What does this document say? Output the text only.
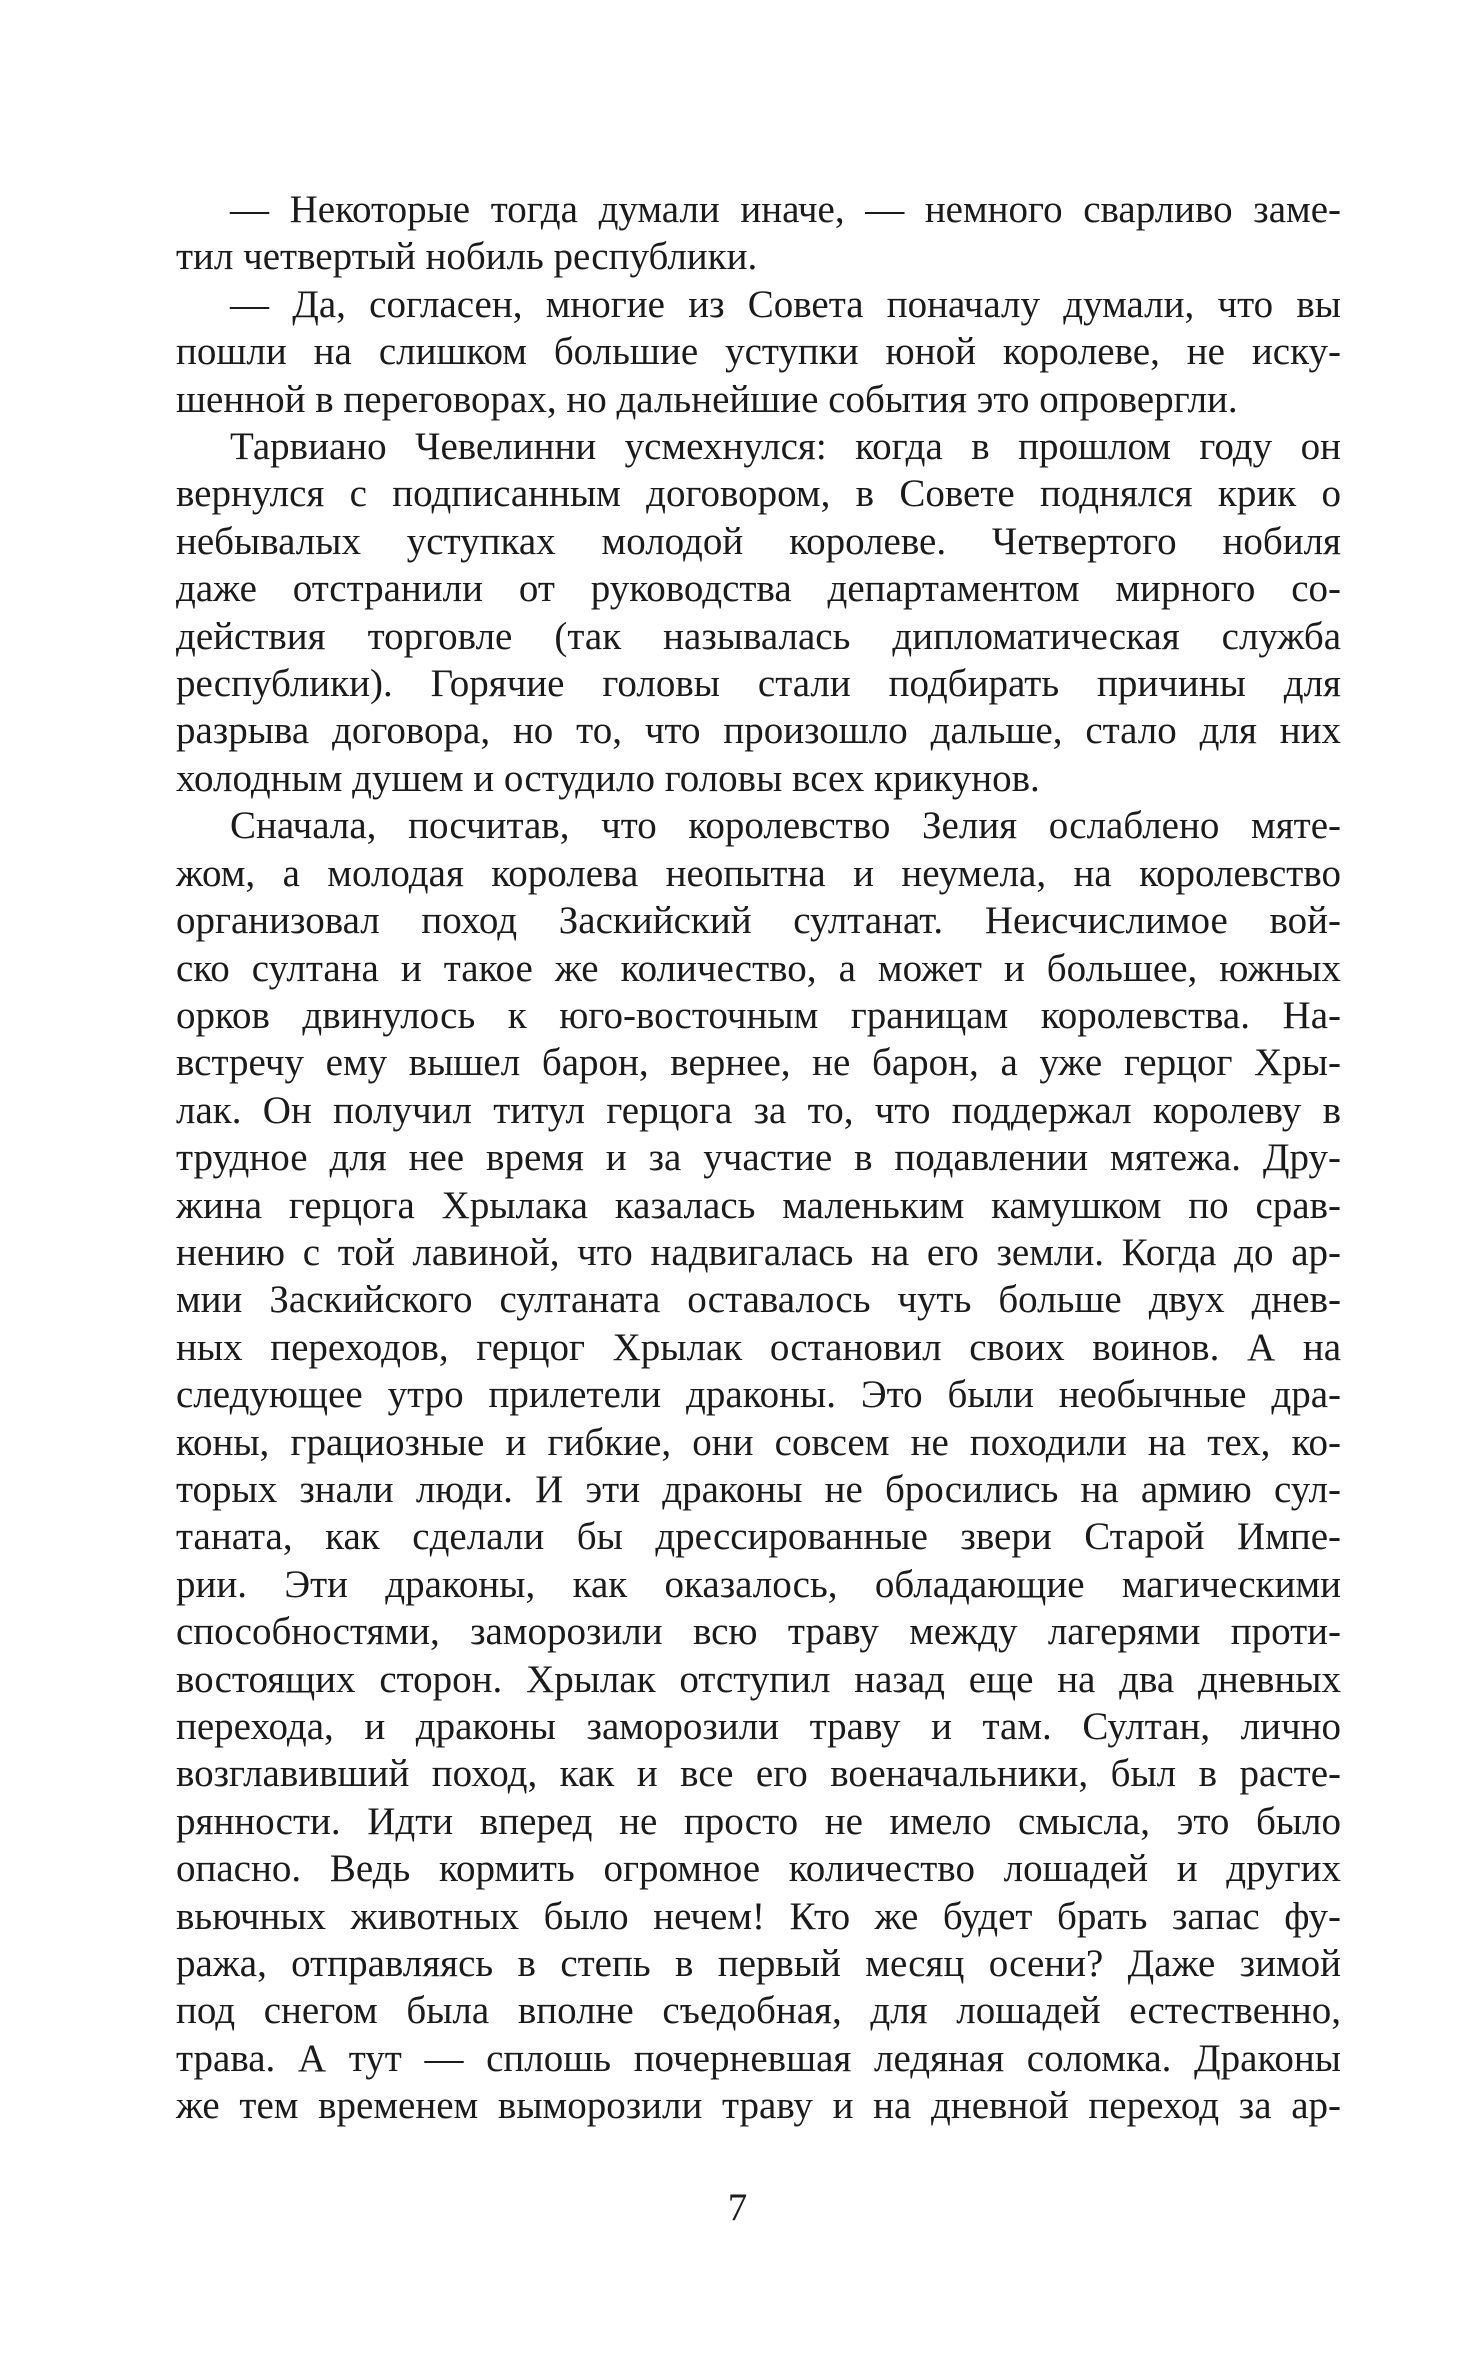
— Некоторые тогда думали иначе, — немного сварливо заме-
тил четвертый нобиль республики.
— Да, согласен, многие из Совета поначалу думали, что вы
пошли на слишком большие уступки юной королеве, не иску-
шенной в переговорах, но дальнейшие события это опровергли.
Тарвиано Чевелинни усмехнулся: когда в прошлом году он
вернулся с подписанным договором, в Совете поднялся крик о
небывалых уступках молодой королеве. Четвертого нобиля
даже отстранили от руководства департаментом мирного со-
действия торговле (так называлась дипломатическая служба
республики). Горячие головы стали подбирать причины для
разрыва договора, но то, что произошло дальше, стало для них
холодным душем и остудило головы всех крикунов.
Сначала, посчитав, что королевство Зелия ослаблено мяте-
жом, а молодая королева неопытна и неумела, на королевство
организовал поход Заскийский султанат. Неисчислимое вой-
ско султана и такое же количество, а может и большее, южных
орков двинулось к юго-восточным границам королевства. На-
встречу ему вышел барон, вернее, не барон, а уже герцог Хры-
лак. Он получил титул герцога за то, что поддержал королеву в
трудное для нее время и за участие в подавлении мятежа. Дру-
жина герцога Хрылака казалась маленьким камушком по срав-
нению с той лавиной, что надвигалась на его земли. Когда до ар-
мии Заскийского султаната оставалось чуть больше двух днев-
ных переходов, герцог Хрылак остановил своих воинов. А на
следующее утро прилетели драконы. Это были необычные дра-
коны, грациозные и гибкие, они совсем не походили на тех, ко-
торых знали люди. И эти драконы не бросились на армию сул-
таната, как сделали бы дрессированные звери Старой Импе-
рии. Эти драконы, как оказалось, обладающие магическими
способностями, заморозили всю траву между лагерями проти-
востоящих сторон. Хрылак отступил назад еще на два дневных
перехода, и драконы заморозили траву и там. Султан, лично
возглавивший поход, как и все его военачальники, был в расте-
рянности. Идти вперед не просто не имело смысла, это было
опасно. Ведь кормить огромное количество лошадей и других
вьючных животных было нечем! Кто же будет брать запас фу-
ража, отправляясь в степь в первый месяц осени? Даже зимой
под снегом была вполне съедобная, для лошадей естественно,
трава. А тут — сплошь почерневшая ледяная соломка. Драконы
же тем временем выморозили траву и на дневной переход за ар-
7
